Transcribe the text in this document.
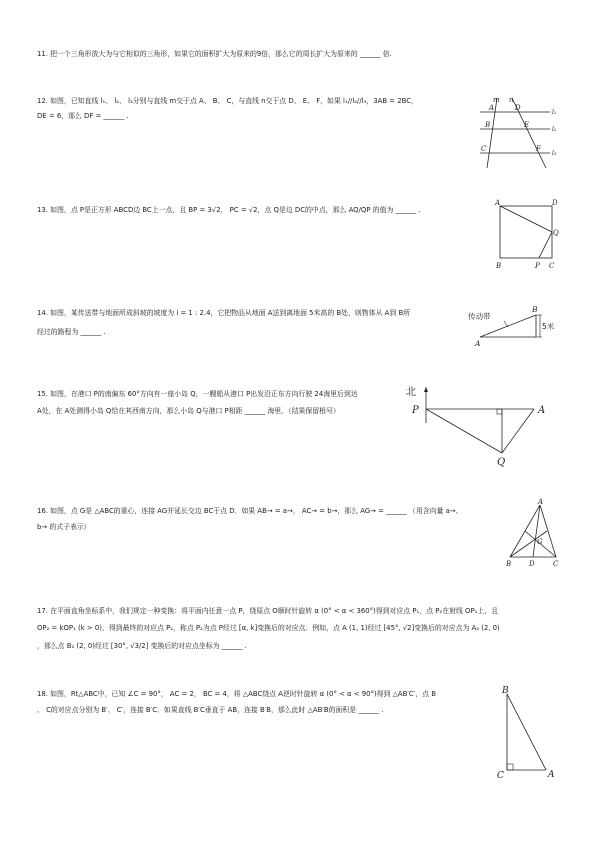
11. 把一个三角形放大为与它相似的三角形，如果它的面积扩大为原来的9倍，那么它的周长扩大为原来的 ______ 倍.
12. 如图，已知直线 l₁、 l₂、 l₃分别与直线 m交于点 A、 B、 C，与直线 n交于点 D、 E、 F，如果 l₁//l₂//l₃，3AB = 2BC，
DE = 6，那么 DF = ______ .
13. 如图，点 P是正方形 ABCD边 BC上一点，且 BP = 3√2， PC = √2，点 Q是边 DC的中点，那么 AQ/QP 的值为 ______ .
14. 如图，某传送带与地面所成斜坡的坡度为 i = 1 : 2.4，它把物品从地面 A送到离地面 5米高的 B处，则物体从 A到 B所
经过的路程为 ______ .
15. 如图，在港口 P的南偏东 60°方向有一座小岛 Q，一艘船从港口 P出发沿正东方向行驶 24海里后到达
A处，在 A处测得小岛 Q恰在其西南方向，那么小岛 Q与港口 P相距 ______ 海里．（结果保留根号）
16. 如图，点 G是 △ABC的重心，连接 AG并延长交边 BC于点 D．如果 AB→ = a→， AC→ = b→，那么 AG→ = ______ （用含向量 a→、
b→ 的式子表示）
17. 在平面直角坐标系中，我们规定一种变换：将平面内任意一点 P，绕原点 O顺时针旋转 α (0° < α < 360°)得到对应点 P₁，点 P₂在射线 OP₁上，且
OP₂ = kOP₁ (k > 0)，得到最终的对应点 P₂，称点 P₂为点 P经过 [α, k]变换后的对应点．例如，点 A (1, 1)经过 [45°, √2]变换后的对应点为 A₂ (2, 0)
，那么点 B₂ (2, 0)经过 [30°, √3/2] 变换后的对应点坐标为 ______ .
18. 如图，Rt△ABC中，已知 ∠C = 90°， AC = 2， BC = 4，将 △ABC绕点 A逆时针旋转 α (0° < α < 90°)得到 △AB′C′，点 B
、 C的对应点分别为 B′、 C′，连接 B′C．如果直线 B′C垂直于 AB，连接 B′B，那么此时 △AB′B的面积是 ______ .
m n
A
B
C
D
E
F
l₁
l₂
l₃
A	D
Q
B	P C
传动带
B
5米
A
北
P	A
Q
A
G
B	D	C
B
C	A
